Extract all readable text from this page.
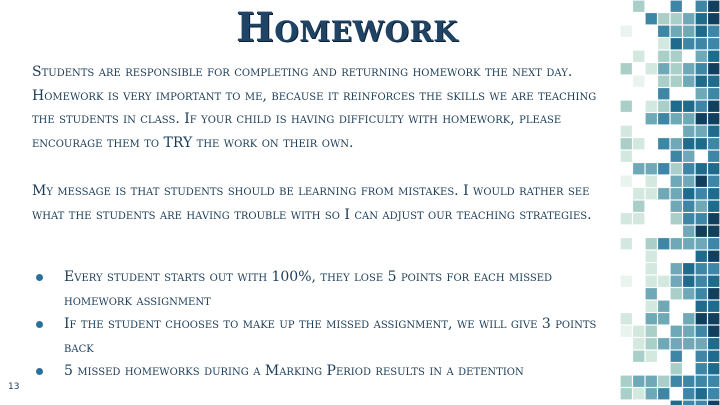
Homework

Students are responsible for completing and returning homework the next day. Homework is very important to me, because it reinforces the skills we are teaching the students in class. If your child is having difficulty with homework, please encourage them to TRY the work on their own.

My message is that students should be learning from mistakes. I would rather see what the students are having trouble with so I can adjust our teaching strategies.

Every student starts out with 100%, they lose 5 points for each missed homework assignment
If the student chooses to make up the missed assignment, we will give 3 points back
5 missed homeworks during a Marking Period results in a detention
13
